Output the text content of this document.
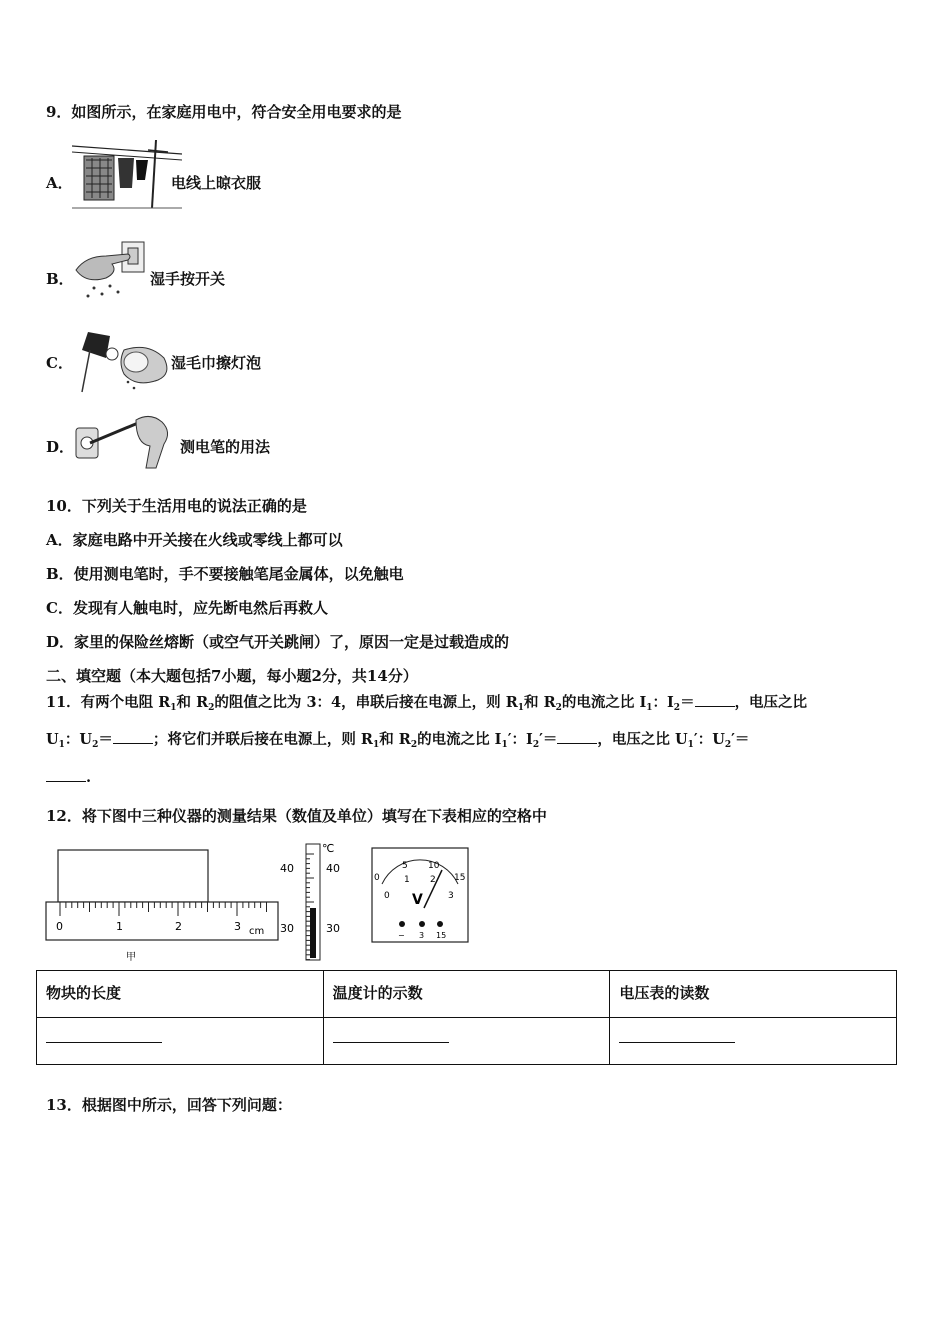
9．如图所示，在家庭用电中，符合安全用电要求的是
A．	电线上晾衣服
B．	湿手按开关
C．	湿毛巾擦灯泡
D．	测电笔的用法
10．下列关于生活用电的说法正确的是
A．家庭电路中开关接在火线或零线上都可以
B．使用测电笔时，手不要接触笔尾金属体，以免触电
C．发现有人触电时，应先断电然后再救人
D．家里的保险丝熔断（或空气开关跳闸）了，原因一定是过载造成的
二、填空题（本大题包括7小题，每小题2分，共14分）
11．有两个电阻 $R_1$和 $R_2$的阻值之比为 3：4，串联后接在电源上，则 $R_1$和 $R_2$的电流之比 $I_1$：$I_2=$	，电压之比
$U_1$：$U_2=$	；将它们并联后接在电源上，则 $R_1$和 $R_2$的电流之比 $I_1'$：$I_2'=$	，电压之比 $U_1'$：$U_2'=$
.
12．将下图中三种仪器的测量结果（数值及单位）填写在下表相应的空格中
0	1	2	3 cm
甲
℃
40	40
30	30
0
5 10
15
0
1 2
3
V
− 3 15
物块的长度	温度计的示数	电压表的读数

13．根据图中所示，回答下列问题：
